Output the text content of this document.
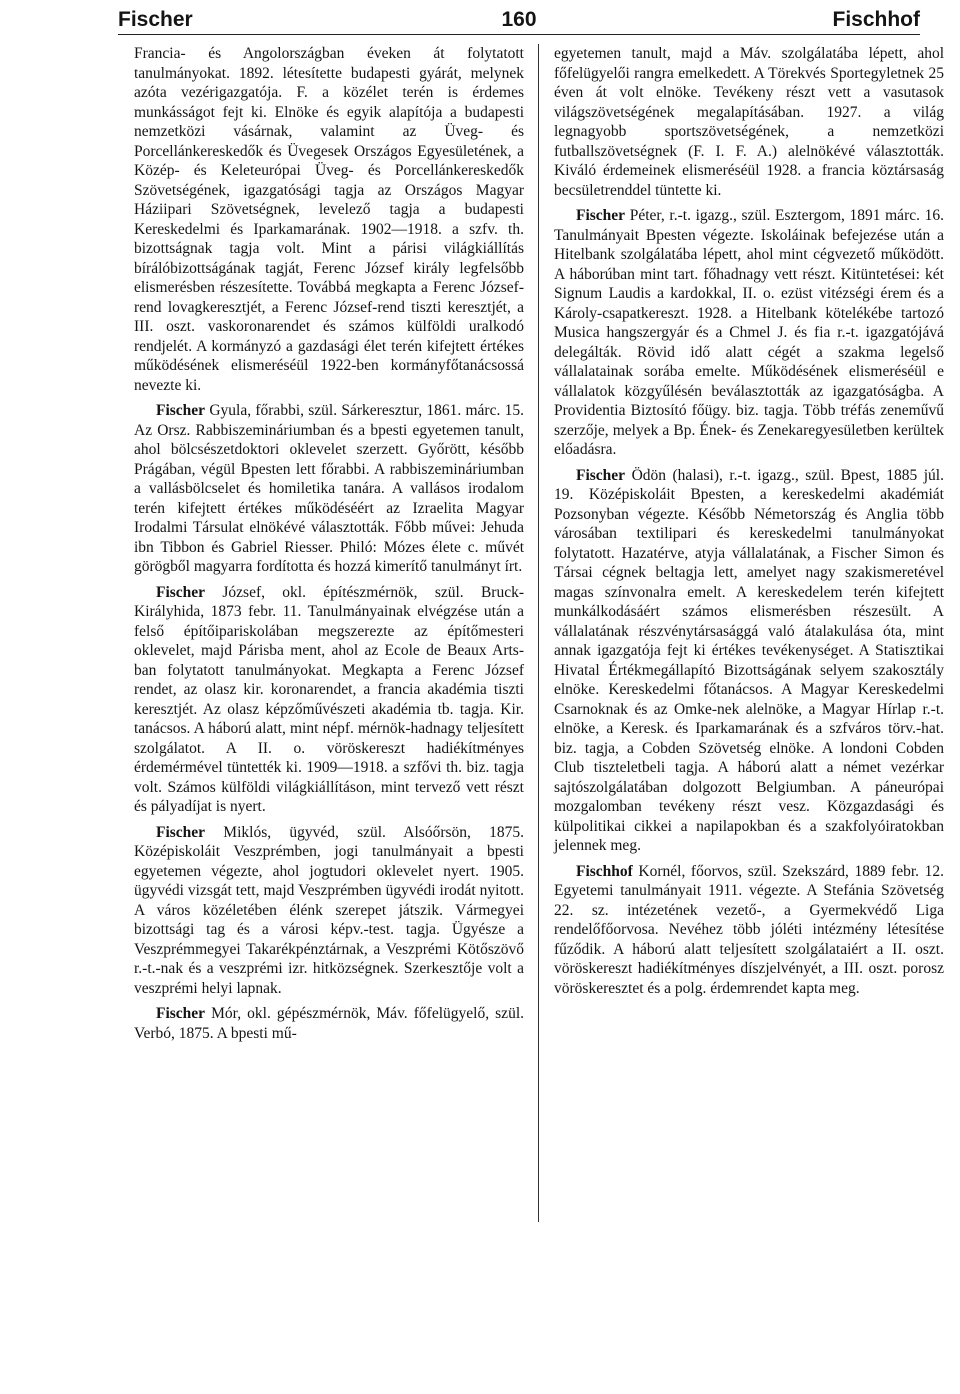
Fischer	160	Fischhof

Francia- és Angolországban éveken át folytatott tanulmányokat. 1892. létesítette budapesti gyárát, melynek azóta vezérigazgatója. F. a közélet terén is érdemes munkásságot fejt ki. Elnöke és egyik alapítója a budapesti nemzetközi vásárnak, valamint az Üveg- és Porcellánkereskedők és Üvegesek Országos Egyesületének, a Közép- és Keleteurópai Üveg- és Porcellánkereskedők Szövetségének, igazgatósági tagja az Országos Magyar Háziipari Szövetségnek, levelező tagja a budapesti Kereskedelmi és Iparkamarának. 1902—1918. a szfv. th. bizottságnak tagja volt. Mint a párisi világkiállítás bírálóbizottságának tagját, Ferenc József király legfelsőbb elismerésben részesítette. Továbbá megkapta a Ferenc József-rend lovagkeresztjét, a Ferenc József-rend tiszti keresztjét, a III. oszt. vaskoronarendet és számos külföldi uralkodó rendjelét. A kormányzó a gazdasági élet terén kifejtett értékes működésének elismeréséül 1922-ben kormányfőtanácsossá nevezte ki.

Fischer Gyula, főrabbi, szül. Sárkeresztur, 1861. márc. 15. Az Orsz. Rabbiszemináriumban és a bpesti egyetemen tanult, ahol bölcsészetdoktori oklevelet szerzett. Győrött, később Prágában, végül Bpesten lett főrabbi. A rabbiszemináriumban a vallásbölcselet és homiletika tanára. A vallásos irodalom terén kifejtett értékes működéséért az Izraelita Magyar Irodalmi Társulat elnökévé választották. Főbb művei: Jehuda ibn Tibbon és Gabriel Riesser. Philó: Mózes élete c. művét görögből magyarra fordította és hozzá kimerítő tanulmányt írt.

Fischer József, okl. építészmérnök, szül. Bruck-Királyhida, 1873 febr. 11. Tanulmányainak elvégzése után a felső építőipariskolában megszerezte az építőmesteri oklevelet, majd Párisba ment, ahol az Ecole de Beaux Arts-ban folytatott tanulmányokat. Megkapta a Ferenc József rendet, az olasz kir. koronarendet, a francia akadémia tiszti keresztjét. Az olasz képzőművészeti akadémia tb. tagja. Kir. tanácsos. A háború alatt, mint népf. mérnök-hadnagy teljesített szolgálatot. A II. o. vöröskereszt hadiékítményes érdemérmével tüntették ki. 1909—1918. a szfővi th. biz. tagja volt. Számos külföldi világkiállításon, mint tervező vett részt és pályadíjat is nyert.

Fischer Miklós, ügyvéd, szül. Alsóőrsön, 1875. Középiskoláit Veszprémben, jogi tanulmányait a bpesti egyetemen végezte, ahol jogtudori oklevelet nyert. 1905. ügyvédi vizsgát tett, majd Veszprémben ügyvédi irodát nyitott. A város közéletében élénk szerepet játszik. Vármegyei bizottsági tag és a városi képv.-test. tagja. Ügyésze a Veszprémmegyei Takarékpénztárnak, a Veszprémi Kötőszövő r.-t.-nak és a veszprémi izr. hitközségnek. Szerkesztője volt a veszprémi helyi lapnak.

Fischer Mór, okl. gépészmérnök, Máv. főfelügyelő, szül. Verbó, 1875. A bpesti mű-

egyetemen tanult, majd a Máv. szolgálatába lépett, ahol főfelügyelői rangra emelkedett. A Törekvés Sportegyletnek 25 éven át volt elnöke. Tevékeny részt vett a vasutasok világszövetségének megalapításában. 1927. a világ legnagyobb sportszövetségének, a nemzetközi futballszövetségnek (F. I. F. A.) alelnökévé választották. Kiváló érdemeinek elismeréséül 1928. a francia köztársaság becsületrenddel tüntette ki.

Fischer Péter, r.-t. igazg., szül. Esztergom, 1891 márc. 16. Tanulmányait Bpesten végezte. Iskoláinak befejezése után a Hitelbank szolgálatába lépett, ahol mint cégvezető működött. A háborúban mint tart. főhadnagy vett részt. Kitüntetései: két Signum Laudis a kardokkal, II. o. ezüst vitézségi érem és a Károly-csapatkereszt. 1928. a Hitelbank kötelékébe tartozó Musica hangszergyár és a Chmel J. és fia r.-t. igazgatójává delegálták. Rövid idő alatt cégét a szakma legelső vállalatainak sorába emelte. Működésének elismeréséül e vállalatok közgyűlésén beválasztották az igazgatóságba. A Providentia Biztosító főügy. biz. tagja. Több tréfás zeneművű szerzője, melyek a Bp. Ének- és Zenekaregyesületben kerültek előadásra.

Fischer Ödön (halasi), r.-t. igazg., szül. Bpest, 1885 júl. 19. Középiskoláit Bpesten, a kereskedelmi akadémiát Pozsonyban végezte. Később Németország és Anglia több városában textilipari és kereskedelmi tanulmányokat folytatott. Hazatérve, atyja vállalatának, a Fischer Simon és Társai cégnek beltagja lett, amelyet nagy szakismeretével magas színvonalra emelt. A kereskedelem terén kifejtett munkálkodásáért számos elismerésben részesült. A vállalatának részvénytársasággá való átalakulása óta, mint annak igazgatója fejt ki értékes tevékenységet. A Statisztikai Hivatal Értékmegállapító Bizottságának selyem szakosztály elnöke. Kereskedelmi főtanácsos. A Magyar Kereskedelmi Csarnoknak és az Omke-nek alelnöke, a Magyar Hírlap r.-t. elnöke, a Keresk. és Iparkamarának és a szfváros törv.-hat. biz. tagja, a Cobden Szövetség elnöke. A londoni Cobden Club tiszteletbeli tagja. A háború alatt a német vezérkar sajtószolgálatában dolgozott Belgiumban. A páneurópai mozgalomban tevékeny részt vesz. Közgazdasági és külpolitikai cikkei a napilapokban és a szakfolyóiratokban jelennek meg.

Fischhof Kornél, főorvos, szül. Szekszárd, 1889 febr. 12. Egyetemi tanulmányait 1911. végezte. A Stefánia Szövetség 22. sz. intézetének vezető-, a Gyermekvédő Liga rendelőfőorvosa. Nevéhez több jóléti intézmény létesítése fűződik. A háború alatt teljesített szolgálataiért a II. oszt. vöröskereszt hadiékítményes díszjelvényét, a III. oszt. porosz vöröskeresztet és a polg. érdemrendet kapta meg.
